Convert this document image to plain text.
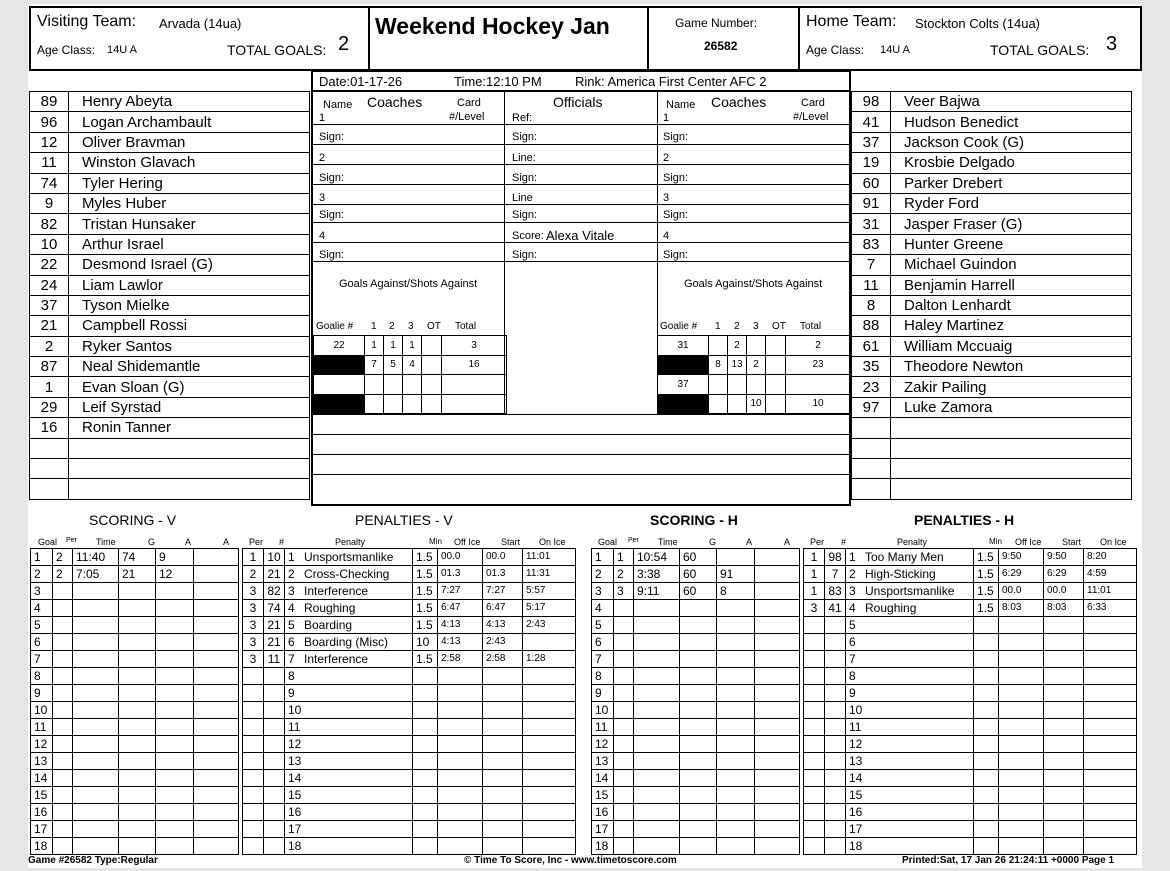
Visiting Team: Arvada (14ua)
Age Class: 14U A	TOTAL GOALS: 2
Weekend Hockey Jan	Game Number:
26582
Home Team: Stockton Colts (14ua)
Age Class: 14U A	TOTAL GOALS: 3
Date:01-17-26	Time:12:10 PM	Rink: America First Center AFC 2
89	Henry Abeyta
96	Logan Archambault
12	Oliver Bravman
11	Winston Glavach
74	Tyler Hering
9	Myles Huber
82	Tristan Hunsaker
10	Arthur Israel
22	Desmond Israel (G)
24	Liam Lawlor
37	Tyson Mielke
21	Campbell Rossi
2	Ryker Santos
87	Neal Shidemantle
1	Evan Sloan (G)
29	Leif Syrstad
16	Ronin Tanner

98	Veer Bajwa
41	Hudson Benedict
37	Jackson Cook (G)
19	Krosbie Delgado
60	Parker Drebert
91	Ryder Ford
31	Jasper Fraser (G)
83	Hunter Greene
7	Michael Guindon
11	Benjamin Harrell
8	Dalton Lenhardt
88	Haley Martinez
61	William Mccuaig
35	Theodore Newton
23	Zakir Pailing
97	Luke Zamora

Name Coaches	Card
#/Level
Officials	Name Coaches	Card
#/Level
1
Sign:
2
Sign:
3
Sign:
4
Sign:
Ref:
Sign:
Line:
Sign:
Line
Sign:
Score: Alexa Vitale
Sign:
1
Sign:
2
Sign:
3
Sign:
4
Sign:
Goals Against/Shots Against	Goals Against/Shots Against
Goalie # 1 2 3 OT Total	Goalie # 1 2 3 OT Total
22	1	1	1		3
	7	5	4		16

31		2			2
	8	13	2		23
37					
			10		10
SCORING - V	PENALTIES - V	SCORING - H	PENALTIES - H
Goal Per Time	G	A	A Per #	Penalty	Min Off Ice Start On Ice	Goal Per Time	G	A	A Per #	Penalty	Min Off Ice Start On Ice
1	2	11:40	74	9	
2	2	7:05	21	12	
3					
4					
5					
6					
7					
8					
9					
10					
11					
12					
13					
14					
15					
16					
17					
18					
1	10	1 Unsportsmanlike	1.5	00.0	00.0	11:01
2	21	2 Cross-Checking	1.5	01.3	01.3	11:31
3	82	3 Interference	1.5	7:27	7:27	5:57
3	74	4 Roughing	1.5	6:47	6:47	5:17
3	21	5 Boarding	1.5	4:13	4:13	2:43
3	21	6 Boarding (Misc)	10	4:13	2:43	
3	11	7 Interference	1.5	2:58	2:58	1:28
		8				
		9				
		10				
		11				
		12				
		13				
		14				
		15				
		16				
		17				
		18				
1	1	10:54	60		
2	2	3:38	60	91	
3	3	9:11	60	8	
4					
5					
6					
7					
8					
9					
10					
11					
12					
13					
14					
15					
16					
17					
18					
1	98	1 Too Many Men	1.5	9:50	9:50	8:20
1	7	2 High-Sticking	1.5	6:29	6:29	4:59
1	83	3 Unsportsmanlike	1.5	00.0	00.0	11:01
3	41	4 Roughing	1.5	8:03	8:03	6:33
		5				
		6				
		7				
		8				
		9				
		10				
		11				
		12				
		13				
		14				
		15				
		16				
		17				
		18				
Game #26582 Type:Regular	© Time To Score, Inc - www.timetoscore.com	Printed:Sat, 17 Jan 26 21:24:11 +0000 Page 1
